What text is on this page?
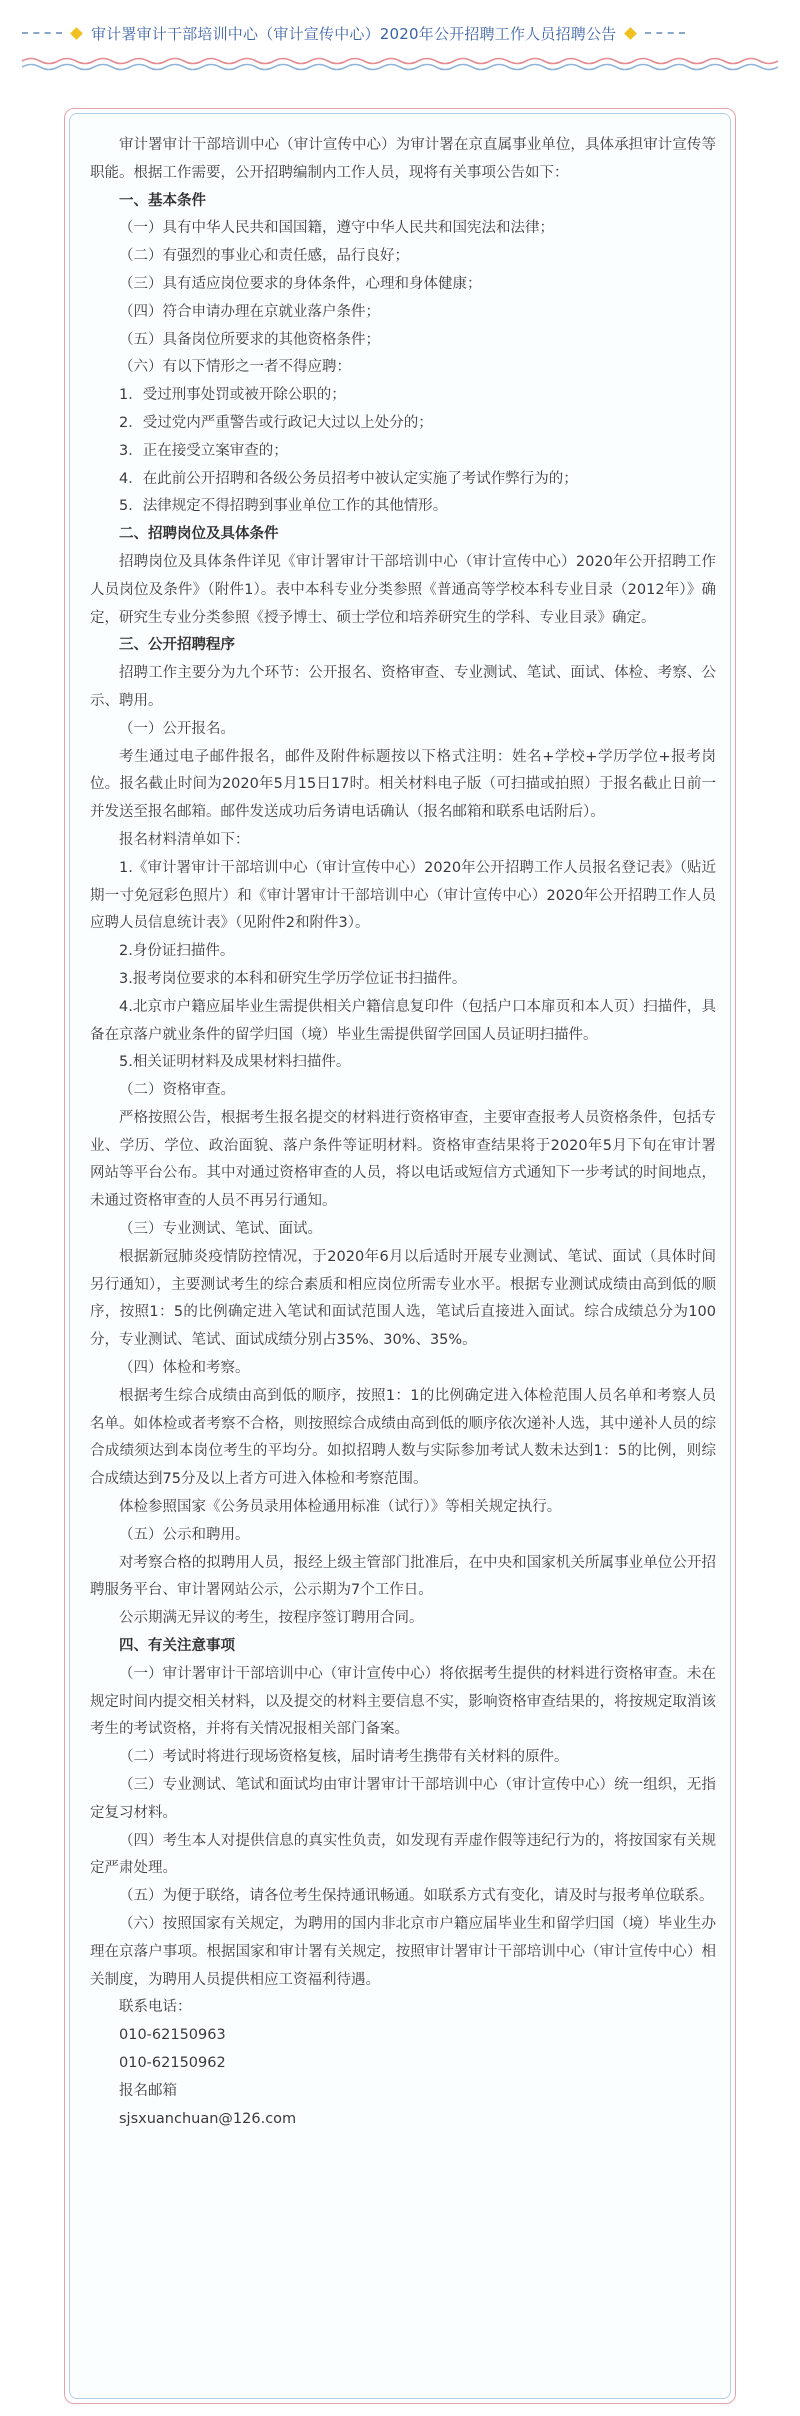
审计署审计干部培训中心（审计宣传中心）2020年公开招聘工作人员招聘公告

审计署审计干部培训中心（审计宣传中心）为审计署在京直属事业单位，具体承担审计宣传等职能。根据工作需要，公开招聘编制内工作人员，现将有关事项公告如下：

一、基本条件

（一）具有中华人民共和国国籍，遵守中华人民共和国宪法和法律；

（二）有强烈的事业心和责任感，品行良好；

（三）具有适应岗位要求的身体条件，心理和身体健康；

（四）符合申请办理在京就业落户条件；

（五）具备岗位所要求的其他资格条件；

（六）有以下情形之一者不得应聘：

1．受过刑事处罚或被开除公职的；

2．受过党内严重警告或行政记大过以上处分的；

3．正在接受立案审查的；

4．在此前公开招聘和各级公务员招考中被认定实施了考试作弊行为的；

5．法律规定不得招聘到事业单位工作的其他情形。

二、招聘岗位及具体条件

招聘岗位及具体条件详见《审计署审计干部培训中心（审计宣传中心）2020年公开招聘工作人员岗位及条件》（附件1）。表中本科专业分类参照《普通高等学校本科专业目录（2012年）》确定，研究生专业分类参照《授予博士、硕士学位和培养研究生的学科、专业目录》确定。

三、公开招聘程序

招聘工作主要分为九个环节：公开报名、资格审查、专业测试、笔试、面试、体检、考察、公示、聘用。

（一）公开报名。

考生通过电子邮件报名，邮件及附件标题按以下格式注明：姓名+学校+学历学位+报考岗位。报名截止时间为2020年5月15日17时。相关材料电子版（可扫描或拍照）于报名截止日前一并发送至报名邮箱。邮件发送成功后务请电话确认（报名邮箱和联系电话附后）。

报名材料清单如下：

1.《审计署审计干部培训中心（审计宣传中心）2020年公开招聘工作人员报名登记表》（贴近期一寸免冠彩色照片）和《审计署审计干部培训中心（审计宣传中心）2020年公开招聘工作人员应聘人员信息统计表》（见附件2和附件3）。

2.身份证扫描件。

3.报考岗位要求的本科和研究生学历学位证书扫描件。

4.北京市户籍应届毕业生需提供相关户籍信息复印件（包括户口本扉页和本人页）扫描件，具备在京落户就业条件的留学归国（境）毕业生需提供留学回国人员证明扫描件。

5.相关证明材料及成果材料扫描件。

（二）资格审查。

严格按照公告，根据考生报名提交的材料进行资格审查，主要审查报考人员资格条件，包括专业、学历、学位、政治面貌、落户条件等证明材料。资格审查结果将于2020年5月下旬在审计署网站等平台公布。其中对通过资格审查的人员，将以电话或短信方式通知下一步考试的时间地点，未通过资格审查的人员不再另行通知。

（三）专业测试、笔试、面试。

根据新冠肺炎疫情防控情况，于2020年6月以后适时开展专业测试、笔试、面试（具体时间另行通知），主要测试考生的综合素质和相应岗位所需专业水平。根据专业测试成绩由高到低的顺序，按照1：5的比例确定进入笔试和面试范围人选，笔试后直接进入面试。综合成绩总分为100分，专业测试、笔试、面试成绩分别占35%、30%、35%。

（四）体检和考察。

根据考生综合成绩由高到低的顺序，按照1：1的比例确定进入体检范围人员名单和考察人员名单。如体检或者考察不合格，则按照综合成绩由高到低的顺序依次递补人选，其中递补人员的综合成绩须达到本岗位考生的平均分。如拟招聘人数与实际参加考试人数未达到1：5的比例，则综合成绩达到75分及以上者方可进入体检和考察范围。

体检参照国家《公务员录用体检通用标准（试行）》等相关规定执行。

（五）公示和聘用。

对考察合格的拟聘用人员，报经上级主管部门批准后，在中央和国家机关所属事业单位公开招聘服务平台、审计署网站公示，公示期为7个工作日。

公示期满无异议的考生，按程序签订聘用合同。

四、有关注意事项

（一）审计署审计干部培训中心（审计宣传中心）将依据考生提供的材料进行资格审查。未在规定时间内提交相关材料，以及提交的材料主要信息不实，影响资格审查结果的，将按规定取消该考生的考试资格，并将有关情况报相关部门备案。

（二）考试时将进行现场资格复核，届时请考生携带有关材料的原件。

（三）专业测试、笔试和面试均由审计署审计干部培训中心（审计宣传中心）统一组织，无指定复习材料。

（四）考生本人对提供信息的真实性负责，如发现有弄虚作假等违纪行为的，将按国家有关规定严肃处理。

（五）为便于联络，请各位考生保持通讯畅通。如联系方式有变化，请及时与报考单位联系。

（六）按照国家有关规定，为聘用的国内非北京市户籍应届毕业生和留学归国（境）毕业生办理在京落户事项。根据国家和审计署有关规定，按照审计署审计干部培训中心（审计宣传中心）相关制度，为聘用人员提供相应工资福利待遇。

联系电话：

010-62150963

010-62150962

报名邮箱

sjsxuanchuan@126.com
